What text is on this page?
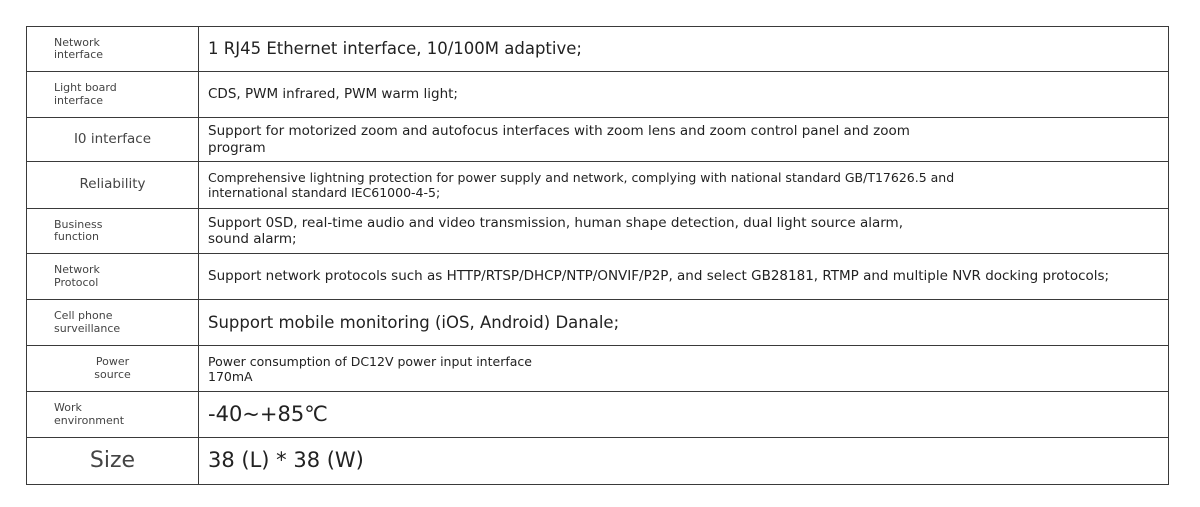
Network
interface	1 RJ45 Ethernet interface, 10/100M adaptive;

Light board
interface	CDS, PWM infrared, PWM warm light;

I0 interface	Support for motorized zoom and autofocus interfaces with zoom lens and zoom control panel and zoom
program

Reliability	Comprehensive lightning protection for power supply and network, complying with national standard GB/T17626.5 and
international standard IEC61000-4-5;

Business
function	Support 0SD, real-time audio and video transmission, human shape detection, dual light source alarm,
sound alarm;

Network
Protocol	Support network protocols such as HTTP/RTSP/DHCP/NTP/ONVIF/P2P, and select GB28181, RTMP and multiple NVR docking protocols;

Cell phone
surveillance	Support mobile monitoring (iOS, Android) Danale;

Power
source	Power consumption of DC12V power input interface
170mA

Work
environment	-40~+85℃

Size	38 (L) * 38 (W)
